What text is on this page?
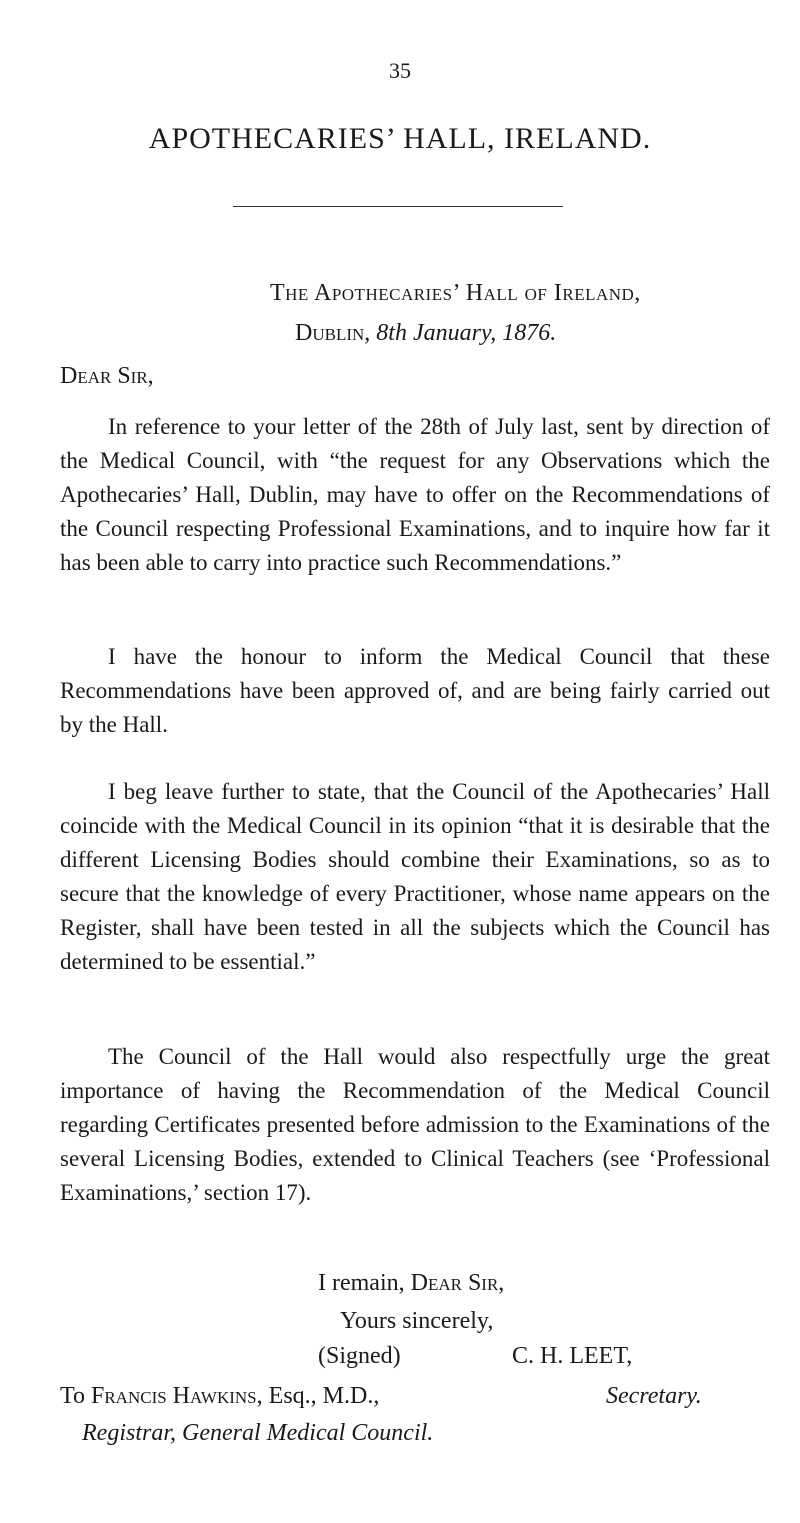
35
APOTHECARIES’ HALL, IRELAND.
The Apothecaries’ Hall of Ireland,
Dublin, 8th January, 1876.
Dear Sir,
In reference to your letter of the 28th of July last, sent by direction of the Medical Council, with “the request for any Observations which the Apothecaries’ Hall, Dublin, may have to offer on the Recommendations of the Council respecting Professional Examinations, and to inquire how far it has been able to carry into practice such Recommendations.”
I have the honour to inform the Medical Council that these Recommendations have been approved of, and are being fairly carried out by the Hall.
I beg leave further to state, that the Council of the Apothecaries’ Hall coincide with the Medical Council in its opinion “that it is desirable that the different Licensing Bodies should combine their Examinations, so as to secure that the knowledge of every Practitioner, whose name appears on the Register, shall have been tested in all the subjects which the Council has determined to be essential.”
The Council of the Hall would also respectfully urge the great importance of having the Recommendation of the Medical Council regarding Certificates presented before admission to the Examinations of the several Licensing Bodies, extended to Clinical Teachers (see ‘Professional Examinations,’ section 17).
I remain, Dear Sir,
Yours sincerely,
(Signed)	C. H. LEET,
Secretary.
To Francis Hawkins, Esq., M.D.,
Registrar, General Medical Council.
